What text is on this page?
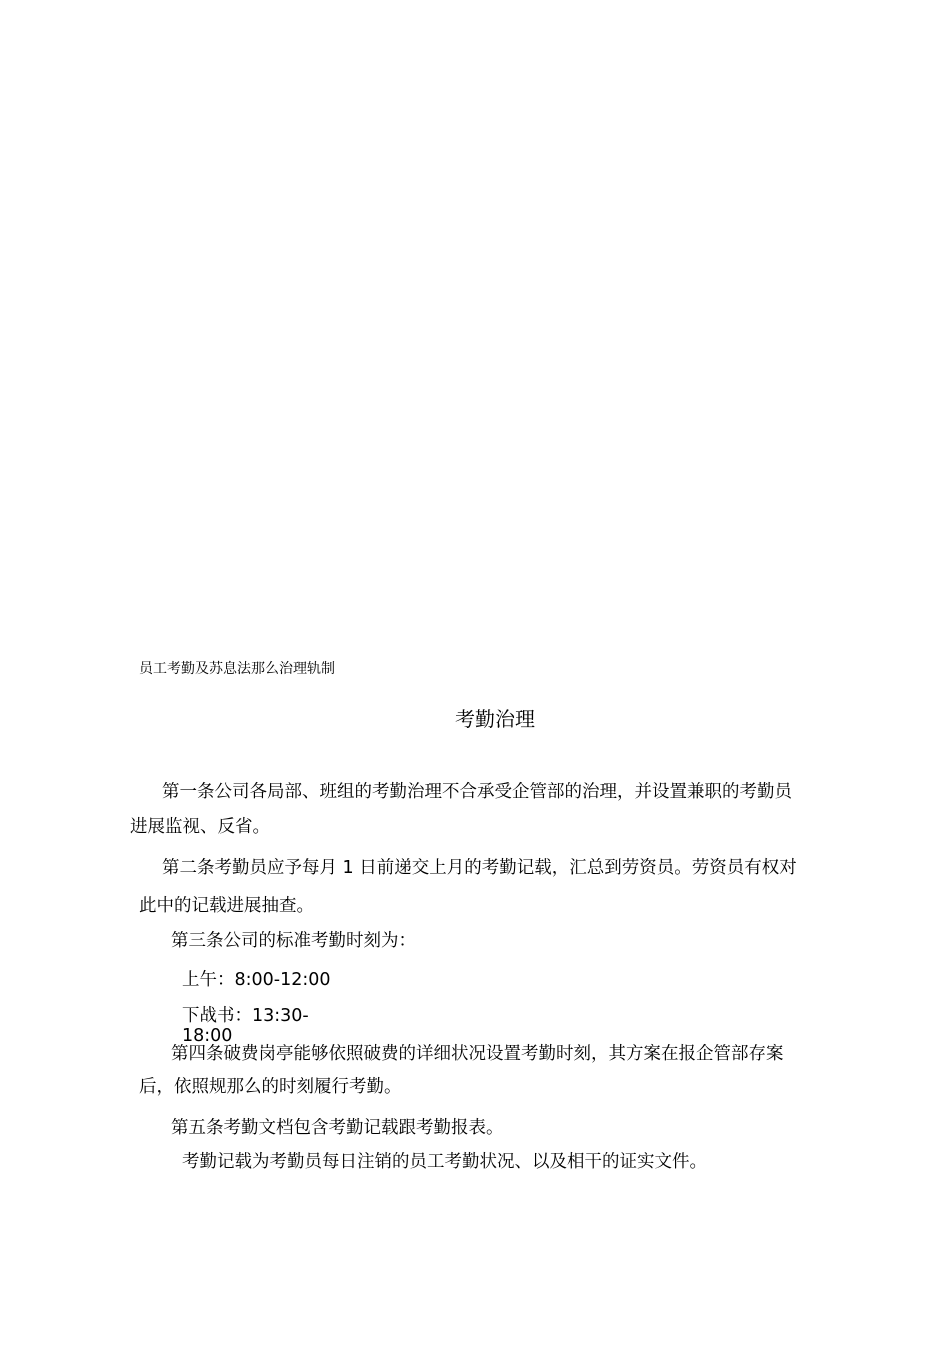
员工考勤及苏息法那么治理轨制
考勤治理
第一条公司各局部、班组的考勤治理不合承受企管部的治理，并设置兼职的考勤员
进展监视、反省。
第二条考勤员应予每月 1 日前递交上月的考勤记载，汇总到劳资员。劳资员有权对
此中的记载进展抽查。
第三条公司的标准考勤时刻为：
上午：8:00-12:00
下战书：13:30-18:00
第四条破费岗亭能够依照破费的详细状况设置考勤时刻，其方案在报企管部存案
后，依照规那么的时刻履行考勤。
第五条考勤文档包含考勤记载跟考勤报表。
考勤记载为考勤员每日注销的员工考勤状况、以及相干的证实文件。
